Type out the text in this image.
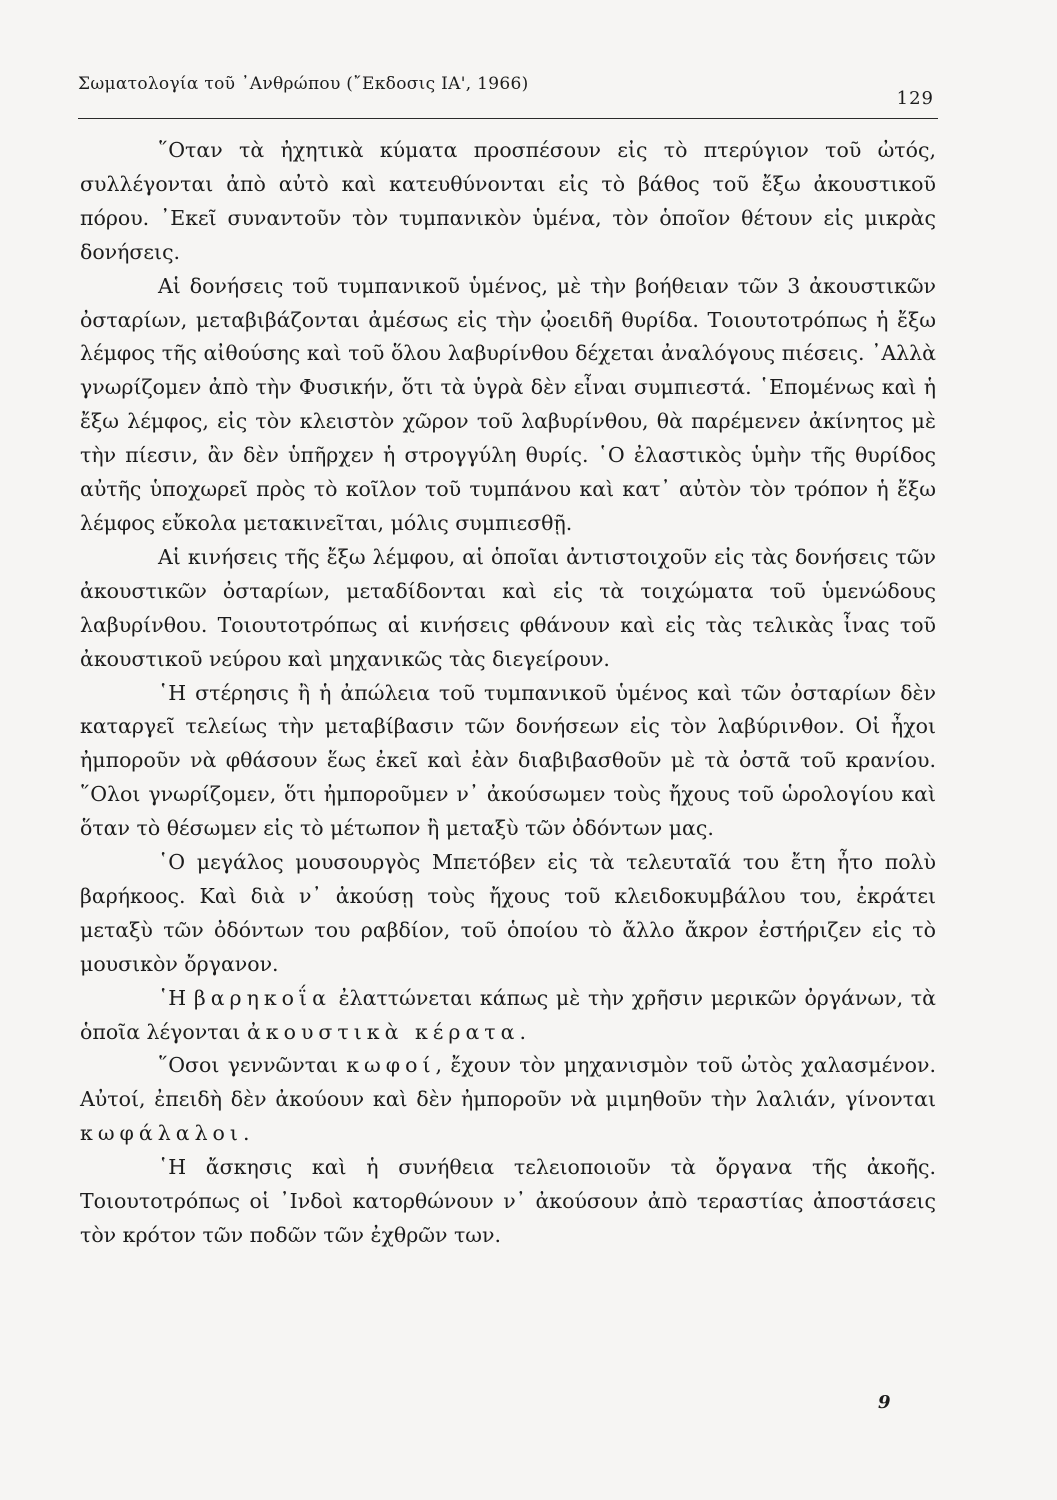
Σωματολογία τοῦ ᾿Ανθρώπου (῎Εκδοσις ΙΑ', 1966)
129

῞Οταν τὰ ἠχητικὰ κύματα προσπέσουν εἰς τὸ πτερύγιον τοῦ ὠτός, συλλέγονται ἀπὸ αὐτὸ καὶ κατευθύνονται εἰς τὸ βάθος τοῦ ἔξω ἀκουστικοῦ πόρου. ᾿Εκεῖ συναντοῦν τὸν τυμπανικὸν ὑμένα, τὸν ὁποῖον θέτουν εἰς μικρὰς δονήσεις.

Αἱ δονήσεις τοῦ τυμπανικοῦ ὑμένος, μὲ τὴν βοήθειαν τῶν 3 ἀκουστικῶν ὀσταρίων, μεταβιβάζονται ἀμέσως εἰς τὴν ᾠοειδῆ θυρίδα. Τοιουτοτρόπως ἡ ἔξω λέμφος τῆς αἰθούσης καὶ τοῦ ὅλου λαβυρίνθου δέχεται ἀναλόγους πιέσεις. ᾿Αλλὰ γνωρίζομεν ἀπὸ τὴν Φυσικήν, ὅτι τὰ ὑγρὰ δὲν εἶναι συμπιεστά. ῾Επομένως καὶ ἡ ἔξω λέμφος, εἰς τὸν κλειστὸν χῶρον τοῦ λαβυρίνθου, θὰ παρέμενεν ἀκίνητος μὲ τὴν πίεσιν, ἂν δὲν ὑπῆρχεν ἡ στρογγύλη θυρίς. ῾Ο ἐλαστικὸς ὑμὴν τῆς θυρίδος αὐτῆς ὑποχωρεῖ πρὸς τὸ κοῖλον τοῦ τυμπάνου καὶ κατ᾿ αὐτὸν τὸν τρόπον ἡ ἔξω λέμφος εὔκολα μετακινεῖται, μόλις συμπιεσθῇ.

Αἱ κινήσεις τῆς ἔξω λέμφου, αἱ ὁποῖαι ἀντιστοιχοῦν εἰς τὰς δονήσεις τῶν ἀκουστικῶν ὀσταρίων, μεταδίδονται καὶ εἰς τὰ τοιχώματα τοῦ ὑμενώδους λαβυρίνθου. Τοιουτοτρόπως αἱ κινήσεις φθάνουν καὶ εἰς τὰς τελικὰς ἶνας τοῦ ἀκουστικοῦ νεύρου καὶ μηχανικῶς τὰς διεγείρουν.

῾Η στέρησις ἢ ἡ ἀπώλεια τοῦ τυμπανικοῦ ὑμένος καὶ τῶν ὀσταρίων δὲν καταργεῖ τελείως τὴν μεταβίβασιν τῶν δονήσεων εἰς τὸν λαβύρινθον. Οἱ ἦχοι ἠμποροῦν νὰ φθάσουν ἕως ἐκεῖ καὶ ἐὰν διαβιβασθοῦν μὲ τὰ ὀστᾶ τοῦ κρανίου. ῞Ολοι γνωρίζομεν, ὅτι ἠμποροῦμεν ν᾿ ἀκούσωμεν τοὺς ἤχους τοῦ ὡρολογίου καὶ ὅταν τὸ θέσωμεν εἰς τὸ μέτωπον ἢ μεταξὺ τῶν ὀδόντων μας.

῾Ο μεγάλος μουσουργὸς Μπετόβεν εἰς τὰ τελευταῖά του ἔτη ἦτο πολὺ βαρήκοος. Καὶ διὰ ν᾿ ἀκούσῃ τοὺς ἤχους τοῦ κλειδοκυμβάλου του, ἐκράτει μεταξὺ τῶν ὀδόντων του ραβδίον, τοῦ ὁποίου τὸ ἄλλο ἄκρον ἐστήριζεν εἰς τὸ μουσικὸν ὄργανον.

῾Η βαρηκοΐα ἐλαττώνεται κάπως μὲ τὴν χρῆσιν μερικῶν ὀργάνων, τὰ ὁποῖα λέγονται ἀκουστικὰ κέρατα.

῞Οσοι γεννῶνται κωφοί, ἔχουν τὸν μηχανισμὸν τοῦ ὠτὸς χαλασμένον. Αὐτοί, ἐπειδὴ δὲν ἀκούουν καὶ δὲν ἠμποροῦν νὰ μιμηθοῦν τὴν λαλιάν, γίνονται κωφάλαλοι.

῾Η ἄσκησις καὶ ἡ συνήθεια τελειοποιοῦν τὰ ὄργανα τῆς ἀκοῆς. Τοιουτοτρόπως οἱ ᾿Ινδοὶ κατορθώνουν ν᾿ ἀκούσουν ἀπὸ τεραστίας ἀποστάσεις τὸν κρότον τῶν ποδῶν τῶν ἐχθρῶν των.

9
